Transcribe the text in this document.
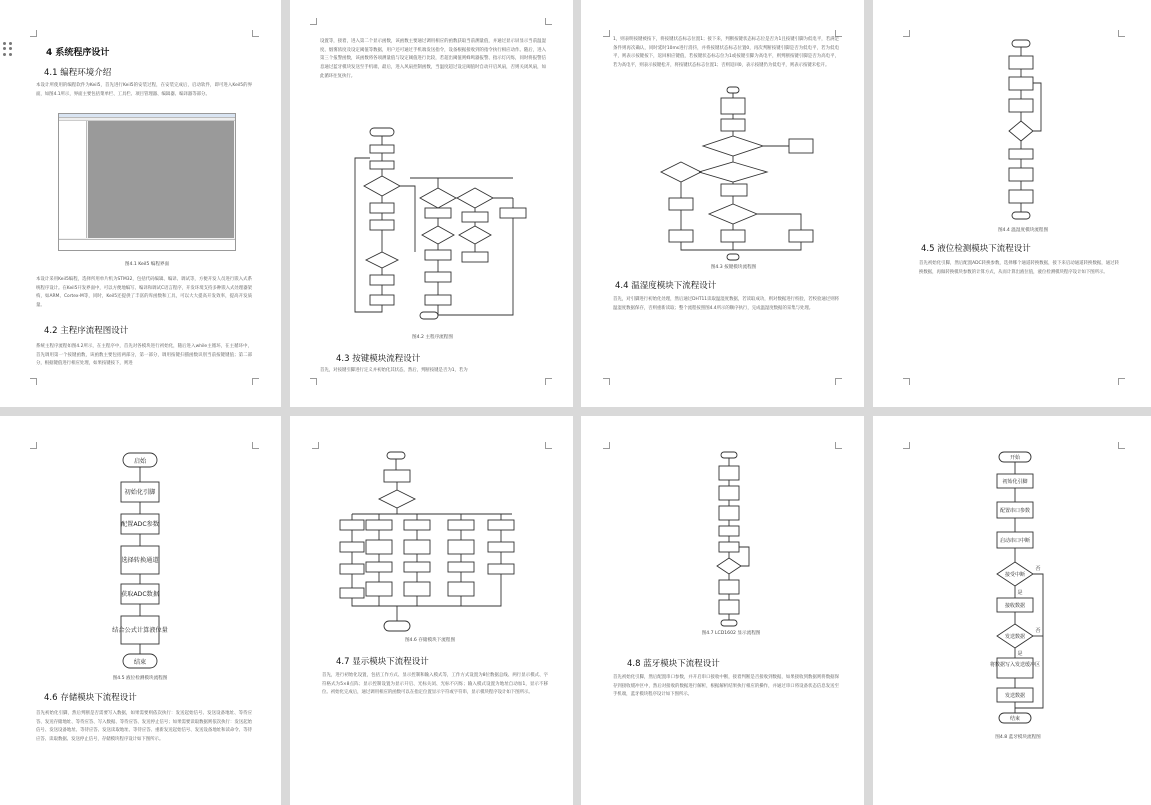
4 系统程序设计
4.1 编程环境介绍
本设计所使用的编程软件为Keil5，首先进行Keil5的安装过程，在安装完成后，启动软件，即可进入Keil5的界面，如图4.1所示，界面主要包括菜单栏、工具栏、项目管理器、编辑器、编译器等部分。
图4.1 Keil5 编程界面
本设计采用Keil5编程，选择所用单片机为STM32，包括代码编辑、编译、调试等，方便开发人员进行嵌入式系统程序设计。在Keil5开发界面中，可以方便地编写、编译和调试C语言程序，开发环境支持多种嵌入式处理器架构，如ARM、Cortex-M等，同时，Keil5还提供了丰富的库函数和工具，可以大大提高开发效率，提高开发质量。
4.2 主程序流程图设计
系统主程序流程如图4.2所示，在主程序中，首先对各模块进行初始化，随后进入while主循环，在主循环中，首先调用第一个按键函数，该函数主要包括两部分，第一部分，调用按键扫描函数识别当前按键键值；第二部分，根据键值进行相应处理，如果按键按下，则进
设置等，接着，进入第二个显示函数，该函数主要通过调用相应的函数获取当前测量值，并通过显示屏显示当前温湿度、烟雾浓度及设定阈值等数据，用户还可通过手机端发送指令，设备根据接收到的指令执行相应动作。随后，进入第三个报警函数，该函数将各项测量值与设定阈值进行比较，若超出阈值则蜂鸣器报警、指示灯闪烁，同时将报警信息通过蓝牙模块发送至手机端，最后，进入风扇控制函数，当温度超过设定阈值时自动开启风扇，否则关闭风扇，如此循环往复执行。
图4.2 主程序流程图
4.3 按键模块流程设计
首先，对按键引脚进行定义并初始化其状态，然后，判断按键是否为1，若为
1，则表明按键被按下，将按键状态标志位置1；接下来，判断按键状态标志位是否为1且按键引脚为低电平，若满足条件则再次确认，同时延时10ms进行消抖，并将按键状态标志位置0，再次判断按键引脚是否为低电平，若为低电平，则表示按键按下，返回相应键值，若按键状态标志位为1或按键引脚为高电平，则判断按键引脚是否为高电平，若为高电平，则表示按键松开，将按键状态标志位置1；否则返回0，表示按键仍为低电平，则表示按键未松开。
图4.3 按键模块流程图
4.4 温湿度模块下流程设计
首先，对引脚进行初始化处理，然后通过DHT11读取温湿度数据，若读取成功，则对数据进行校验，若校验通过则将温湿度数据保存，否则重新读取；整个流程按照图4.4所示的顺序执行，完成温湿度数据的采集与处理。
图4.4 温湿度模块流程图
4.5 液位检测模块下流程设计
首先初始化引脚，然后配置ADC转换参数，选择哪个通道转换数据，接下来启动通道转换数据，通过转换数据，再做转换模块参数的计算方式，从而计算出液位值，液位检测模块程序设计如下图所示。
启始
初始化引脚
配置ADC参数
选择转换通道
获取ADC数据
结合公式计算液位量
结束
图4.5 液位检测模块流程图
4.6 存储模块下流程设计
首先初始化引脚，然后判断是否需要写入数据，如果需要则依次执行：发送起始信号、发送设备地址、等待应答、发送存储地址、等待应答、写入数据、等待应答、发送停止信号；如果需要读取数据则依次执行：发送起始信号、发送设备地址、等待应答、发送读取地址、等待应答、重新发送起始信号、发送设备地址和读命令、等待应答、读取数据、发送停止信号，存储模块程序设计如下图所示。
图4.6 存储模块下流程图
4.7 显示模块下流程设计
首先，进行初始化设置，包括工作方式、显示控制和输入模式等，工作方式设置为8位数据总线、两行显示模式、字符格式为5×8点阵；显示控制设置为显示开启、光标关闭、光标不闪烁；输入模式设置为地址自动加1，显示不移位。初始化完成后，通过调用相应的函数可以在指定位置显示字符或字符串，显示模块程序设计如下图所示。
图4.7 LCD1602 显示流程图
4.8 蓝牙模块下流程设计
首先初始化引脚，然后配置串口参数，并开启串口接收中断，接着判断是否接收到数据，如果接收到数据则将数据保存到接收缓冲区中，然后对接收的数据进行解析，根据解析结果执行相应的操作，并通过串口将设备状态信息发送至手机端，蓝牙模块程序设计如下图所示。
开始
初始化引脚
配置串口参数
启动串口中断
接受中断
接收数据
发送数据
将数据写入发送缓冲区
发送数据
结束
是
是
否
否
图4.8 蓝牙模块流程图
